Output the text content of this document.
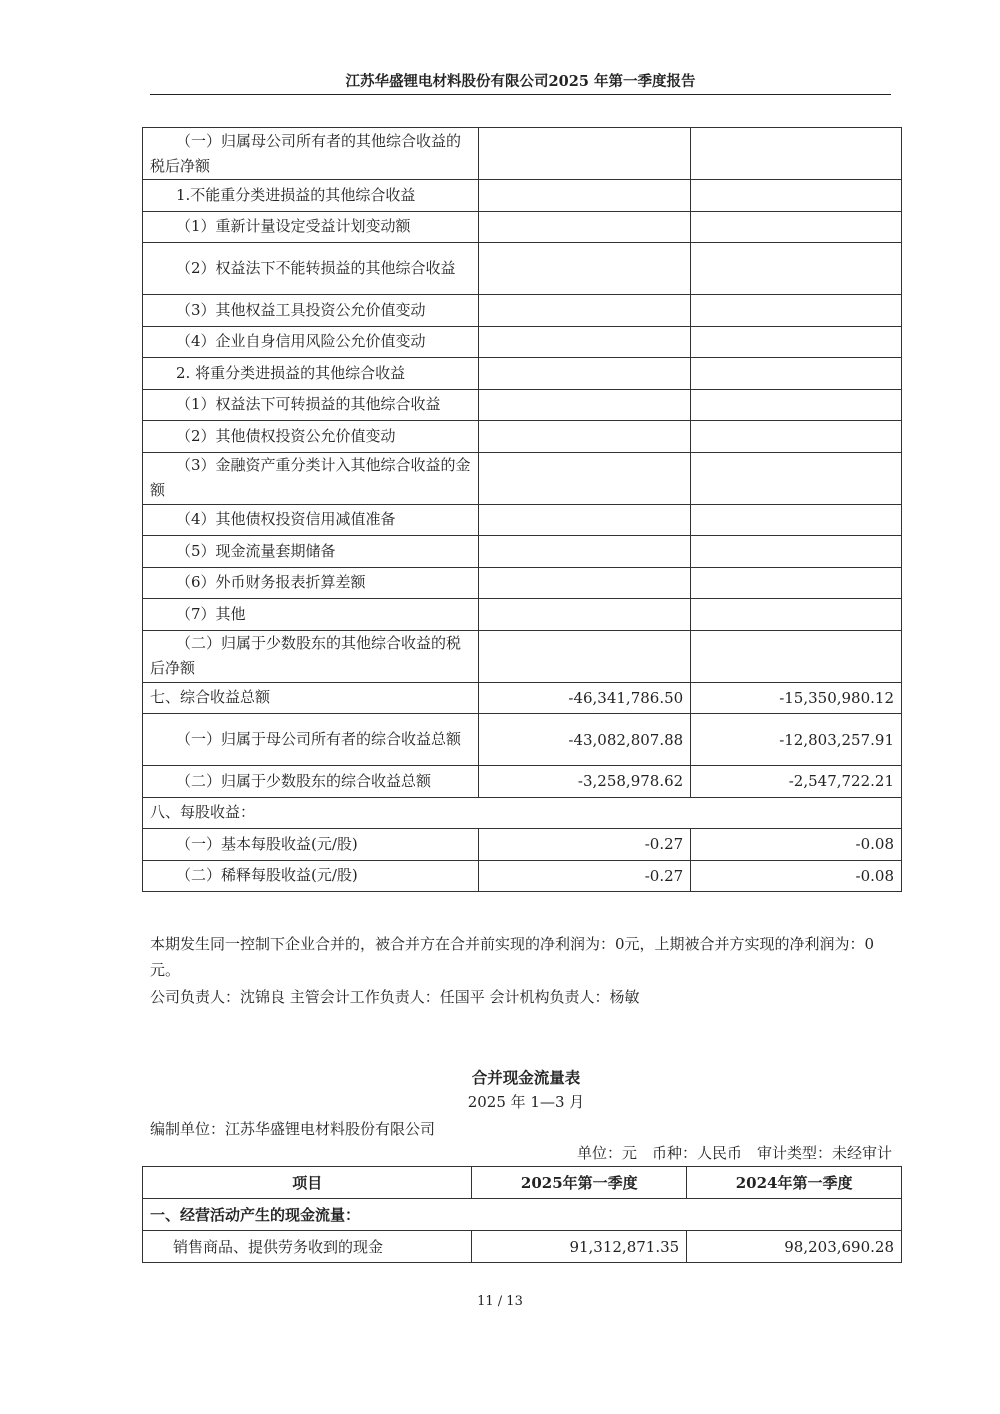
江苏华盛锂电材料股份有限公司2025 年第一季度报告
（一）归属母公司所有者的其他综合收益的税后净额		
1.不能重分类进损益的其他综合收益		
（1）重新计量设定受益计划变动额		
（2）权益法下不能转损益的其他综合收益		
（3）其他权益工具投资公允价值变动		
（4）企业自身信用风险公允价值变动		
2. 将重分类进损益的其他综合收益		
（1）权益法下可转损益的其他综合收益		
（2）其他债权投资公允价值变动		
（3）金融资产重分类计入其他综合收益的金额		
（4）其他债权投资信用减值准备		
（5）现金流量套期储备		
（6）外币财务报表折算差额		
（7）其他		
（二）归属于少数股东的其他综合收益的税后净额		
七、综合收益总额	-46,341,786.50	-15,350,980.12
（一）归属于母公司所有者的综合收益总额	-43,082,807.88	-12,803,257.91
（二）归属于少数股东的综合收益总额	-3,258,978.62	-2,547,722.21
八、每股收益：		
（一）基本每股收益(元/股)	-0.27	-0.08
（二）稀释每股收益(元/股)	-0.27	-0.08
本期发生同一控制下企业合并的，被合并方在合并前实现的净利润为：0元，上期被合并方实现的净利润为：0 元。
公司负责人：沈锦良 主管会计工作负责人：任国平 会计机构负责人：杨敏
合并现金流量表
2025 年 1—3 月
编制单位：江苏华盛锂电材料股份有限公司
单位：元　币种：人民币　审计类型：未经审计
项目	2025年第一季度	2024年第一季度
一、经营活动产生的现金流量：		
销售商品、提供劳务收到的现金	91,312,871.35	98,203,690.28
11 / 13
